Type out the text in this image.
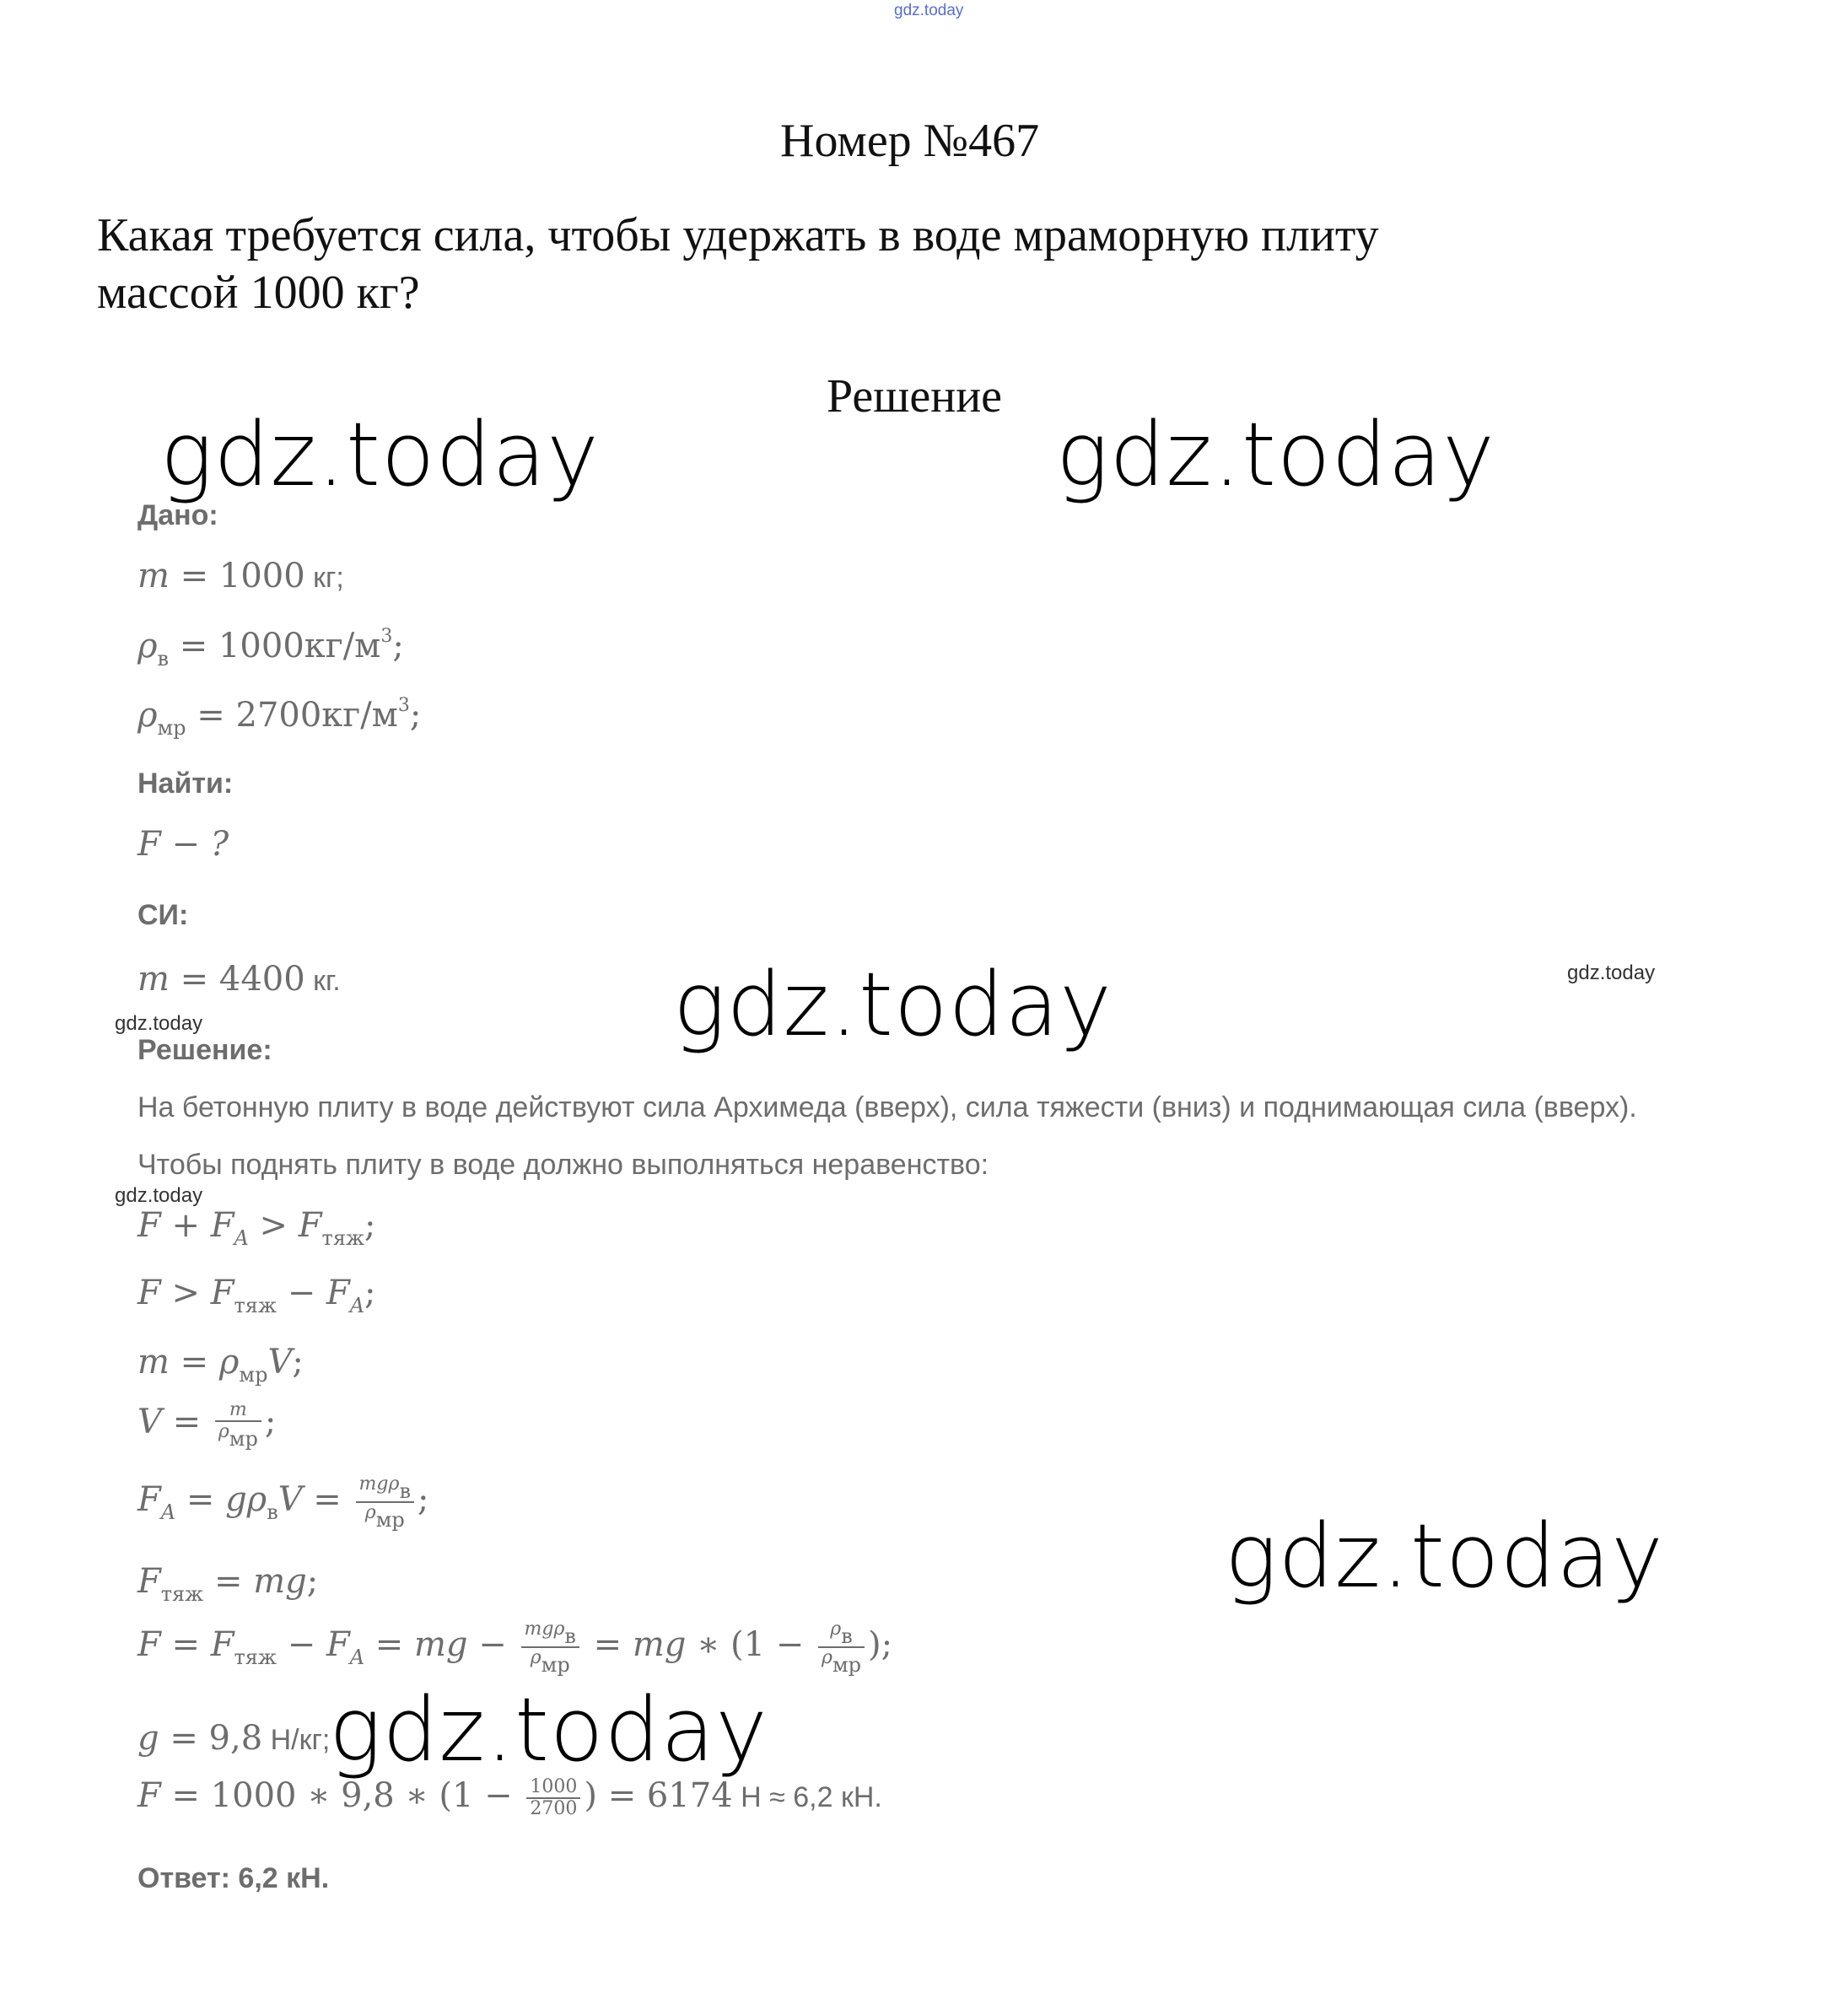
gdz.today
Номер №467
Какая требуется сила, чтобы удержать в воде мраморную плиту
массой 1000 кг?
Решение
gdz.today	gdz.today
gdz.today
gdz.today
gdz.today
gdz.today
gdz.today
gdz.today
Дано:
m = 1000 кг;
$\rho_в = 1000кг/м^3$;
$\rho_{мр} = 2700кг/м^3$;
Найти:
F − ?
СИ:
m = 4400 кг.
Решение:
На бетонную плиту в воде действуют сила Архимеда (вверх), сила тяжести (вниз) и поднимающая сила (вверх).
Чтобы поднять плиту в воде должно выполняться неравенство:
$F + F_A > F_{тяж}$;
$F > F_{тяж} - F_A$;
$m = \rho_{мр}V$;
$V = \frac{m}{\rho_{мр}}$ ;
$F_A = g\rho_вV = \frac{mg\rho_в}{\rho_{мр}}$ ;
$F_{тяж}$ = mg;
$F = F_{тяж} - F_A$ = mg − $\frac{mg\rho_в}{\rho_{мр}}$ = mg ∗ ($1 - \frac{\rho_в}{\rho_{мр}}$ );
g = 9,8 Н/кг;
F = 1000 ∗ 9,8 ∗ ($1 - \frac{1000}{2700}$ ) = 6174 Н ≈ 6,2 кН.
Ответ: 6,2 кН.
